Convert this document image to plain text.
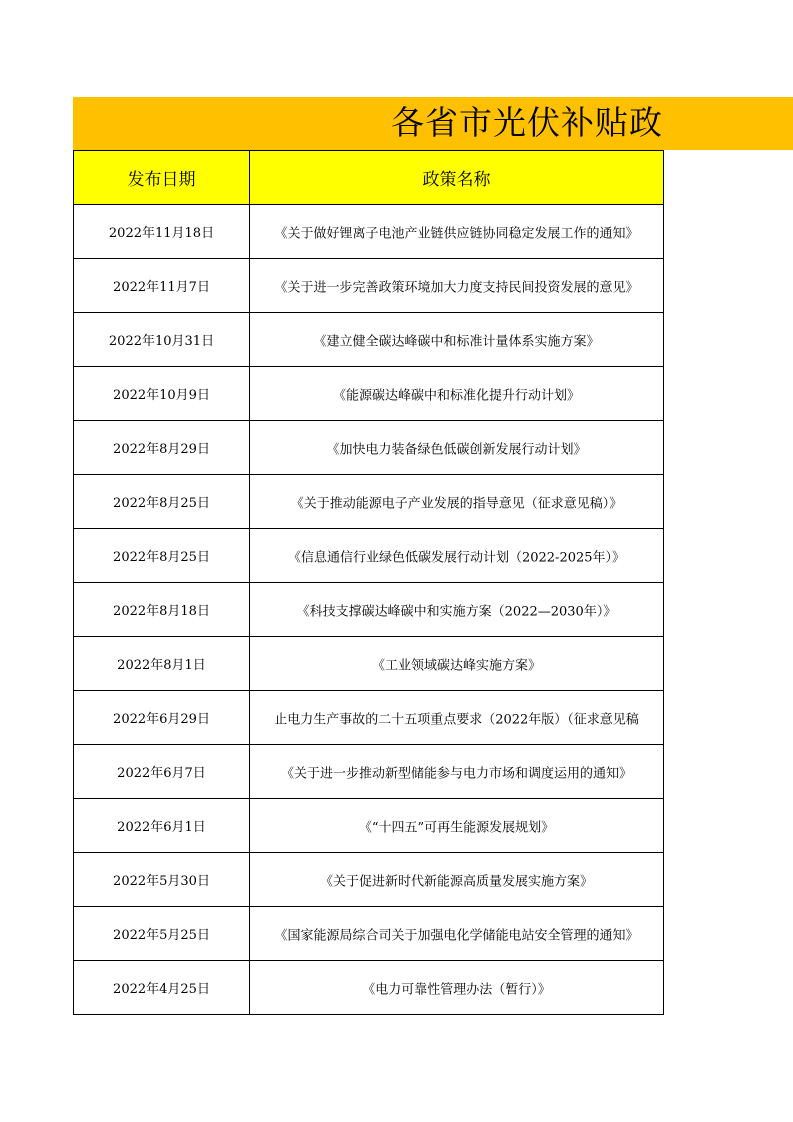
各省市光伏补贴政
发布日期	政策名称
2022年11月18日	《关于做好锂离子电池产业链供应链协同稳定发展工作的通知》

2022年11月7日	《关于进一步完善政策环境加大力度支持民间投资发展的意见》

2022年10月31日	《建立健全碳达峰碳中和标准计量体系实施方案》

2022年10月9日	《能源碳达峰碳中和标准化提升行动计划》

2022年8月29日	《加快电力装备绿色低碳创新发展行动计划》

2022年8月25日	《关于推动能源电子产业发展的指导意见（征求意见稿）》

2022年8月25日	《信息通信行业绿色低碳发展行动计划（2022-2025年）》

2022年8月18日	《科技支撑碳达峰碳中和实施方案（2022—2030年）》

2022年8月1日	《工业领域碳达峰实施方案》

2022年6月29日	止电力生产事故的二十五项重点要求（2022年版）（征求意见稿

2022年6月7日	《关于进一步推动新型储能参与电力市场和调度运用的通知》

2022年6月1日	《“十四五”可再生能源发展规划》

2022年5月30日	《关于促进新时代新能源高质量发展实施方案》

2022年5月25日	《国家能源局综合司关于加强电化学储能电站安全管理的通知》

2022年4月25日	《电力可靠性管理办法（暂行）》
